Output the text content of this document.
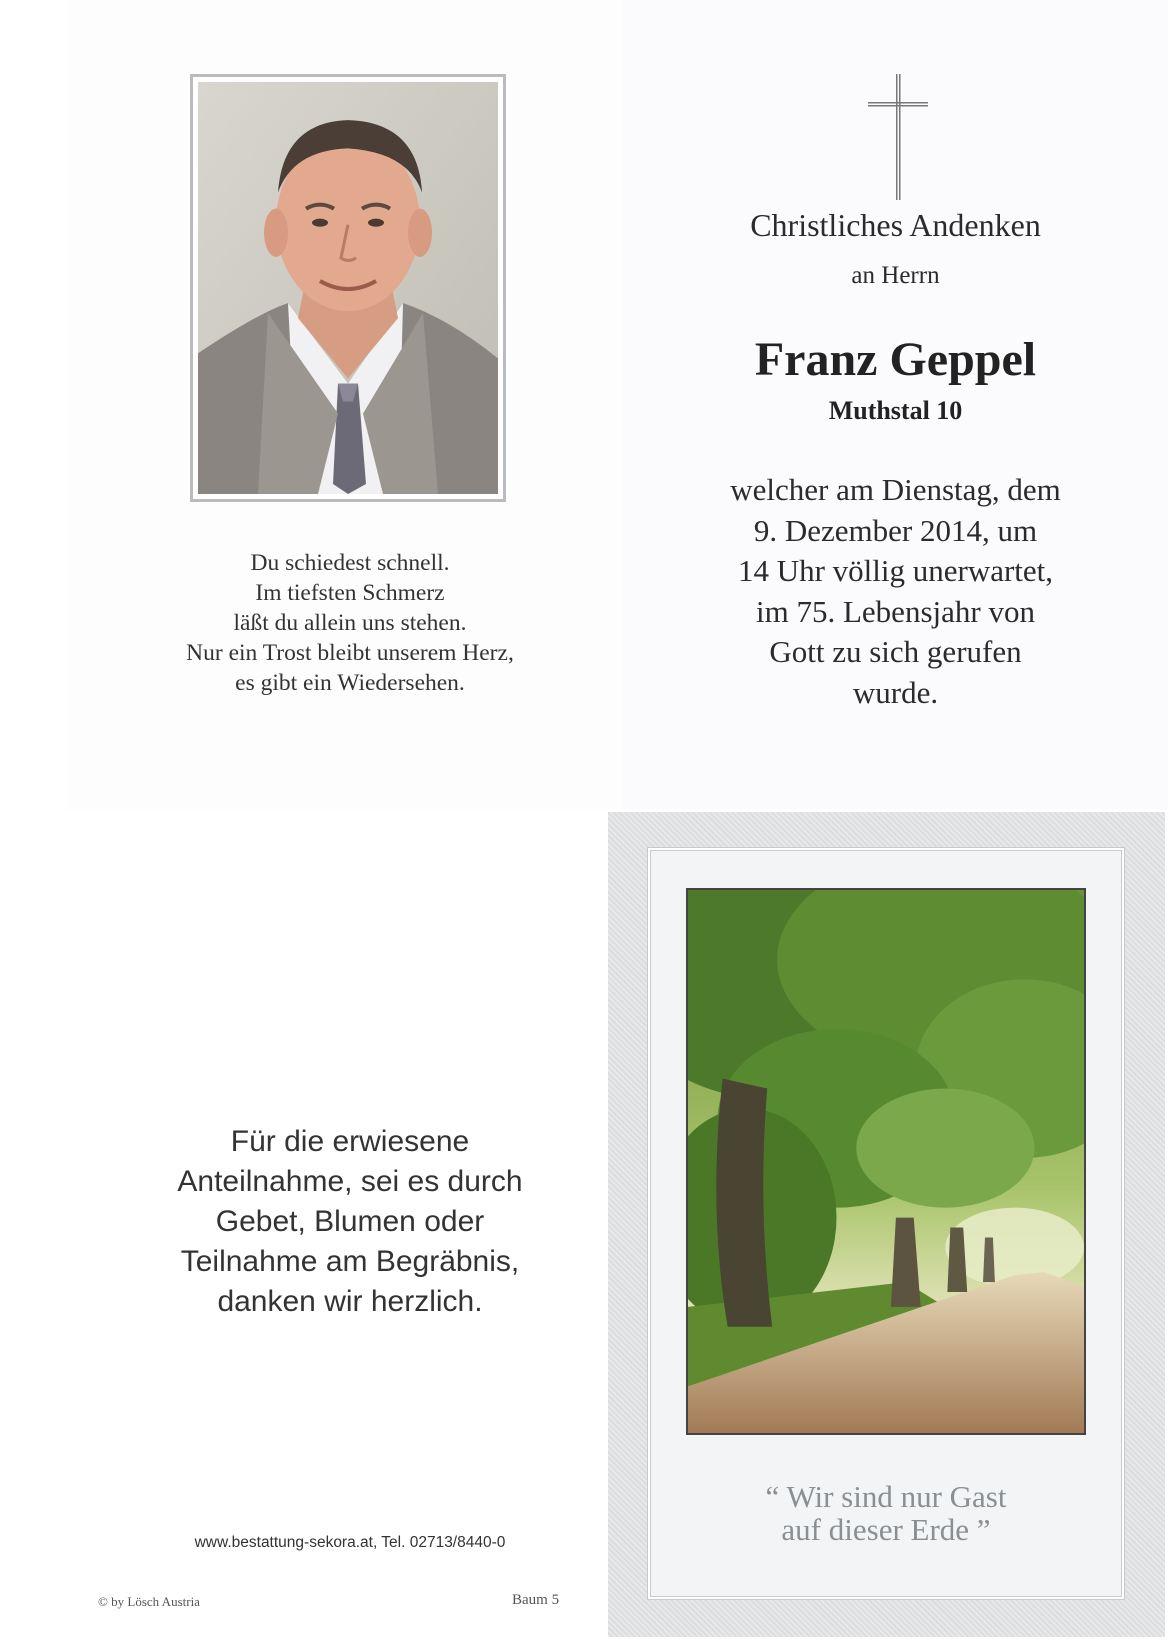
Du schiedest schnell.
Im tiefsten Schmerz
läßt du allein uns stehen.
Nur ein Trost bleibt unserem Herz,
es gibt ein Wiedersehen.
Christliches Andenken
an Herrn
Franz Geppel
Muthstal 10
welcher am Dienstag, dem
9. Dezember 2014, um
14 Uhr völlig unerwartet,
im 75. Lebensjahr von
Gott zu sich gerufen
wurde.
Für die erwiesene
Anteilnahme, sei es durch
Gebet, Blumen oder
Teilnahme am Begräbnis,
danken wir herzlich.
www.bestattung-sekora.at, Tel. 02713/8440-0
© by Lösch Austria	Baum 5
“ Wir sind nur Gast
auf dieser Erde ”
